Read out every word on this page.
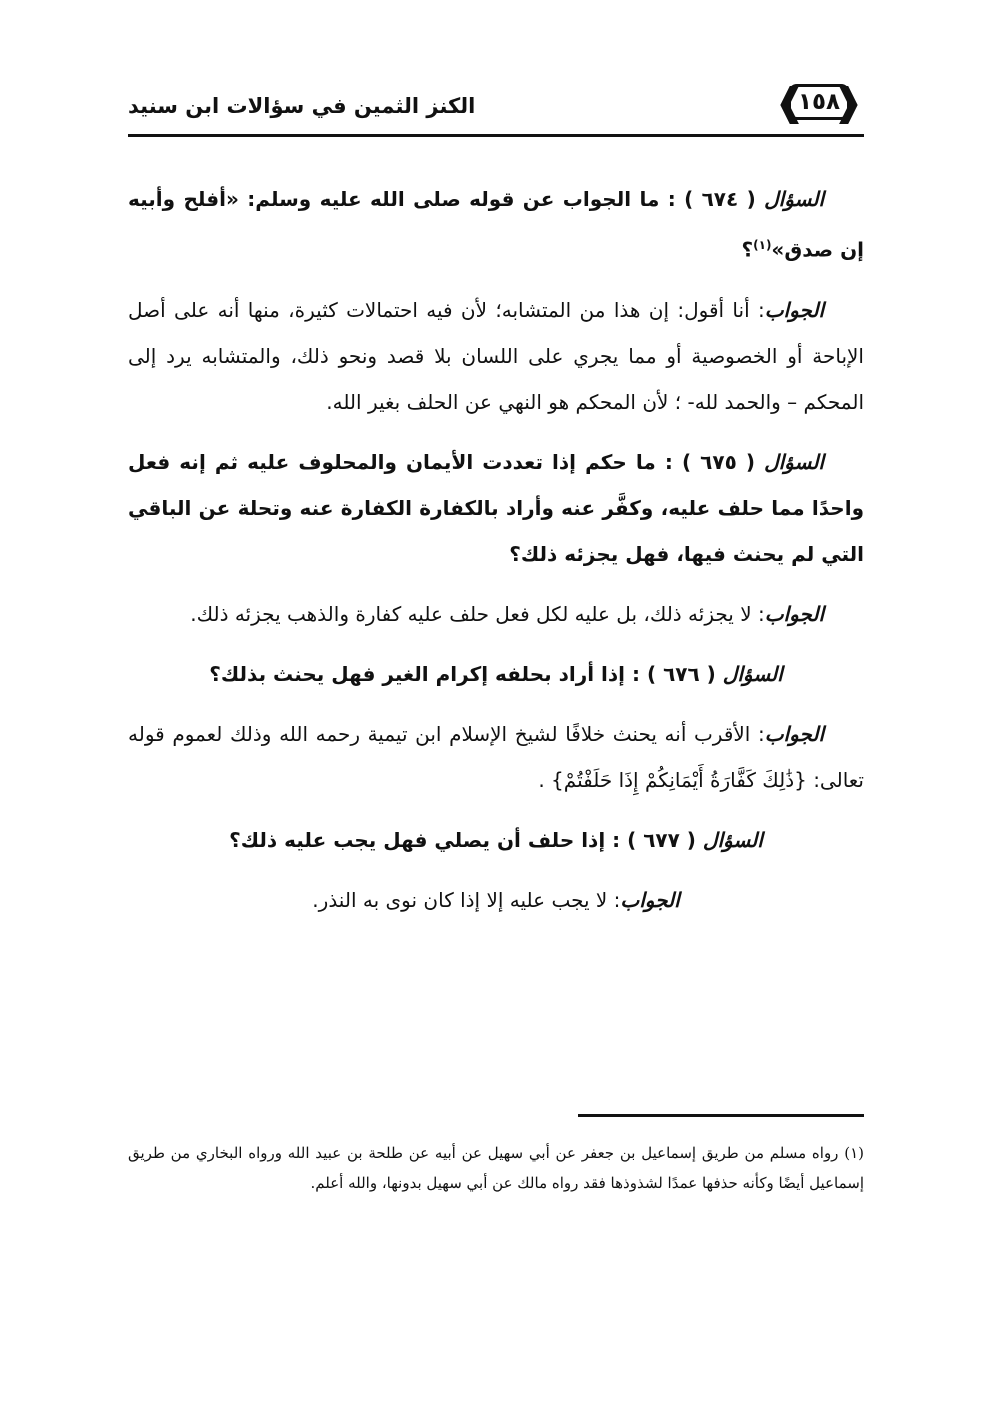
❰
١٥٨
❱
الكنز الثمين في سؤالات ابن سنيد
السؤال ( ٦٧٤ ) : ما الجواب عن قوله صلى الله عليه وسلم: «أفلح وأبيه إن صدق»$^{(١)}$؟
الجواب: أنا أقول: إن هذا من المتشابه؛ لأن فيه احتمالات كثيرة، منها أنه على أصل الإباحة أو الخصوصية أو مما يجري على اللسان بلا قصد ونحو ذلك، والمتشابه يرد إلى المحكم – والحمد لله- ؛ لأن المحكم هو النهي عن الحلف بغير الله.
السؤال ( ٦٧٥ ) : ما حكم إذا تعددت الأيمان والمحلوف عليه ثم إنه فعل واحدًا مما حلف عليه، وكفَّر عنه وأراد بالكفارة الكفارة عنه وتحلة عن الباقي التي لم يحنث فيها، فهل يجزئه ذلك؟
الجواب: لا يجزئه ذلك، بل عليه لكل فعل حلف عليه كفارة والذهب يجزئه ذلك.
السؤال ( ٦٧٦ ) : إذا أراد بحلفه إكرام الغير فهل يحنث بذلك؟
الجواب: الأقرب أنه يحنث خلافًا لشيخ الإسلام ابن تيمية رحمه الله وذلك لعموم قوله تعالى: {ذَٰلِكَ كَفَّارَةُ أَيْمَانِكُمْ إِذَا حَلَفْتُمْ} .
السؤال ( ٦٧٧ ) : إذا حلف أن يصلي فهل يجب عليه ذلك؟
الجواب: لا يجب عليه إلا إذا كان نوى به النذر.
(١) رواه مسلم من طريق إسماعيل بن جعفر عن أبي سهيل عن أبيه عن طلحة بن عبيد الله ورواه البخاري من طريق إسماعيل أيضًا وكأنه حذفها عمدًا لشذوذها فقد رواه مالك عن أبي سهيل بدونها، والله أعلم.
